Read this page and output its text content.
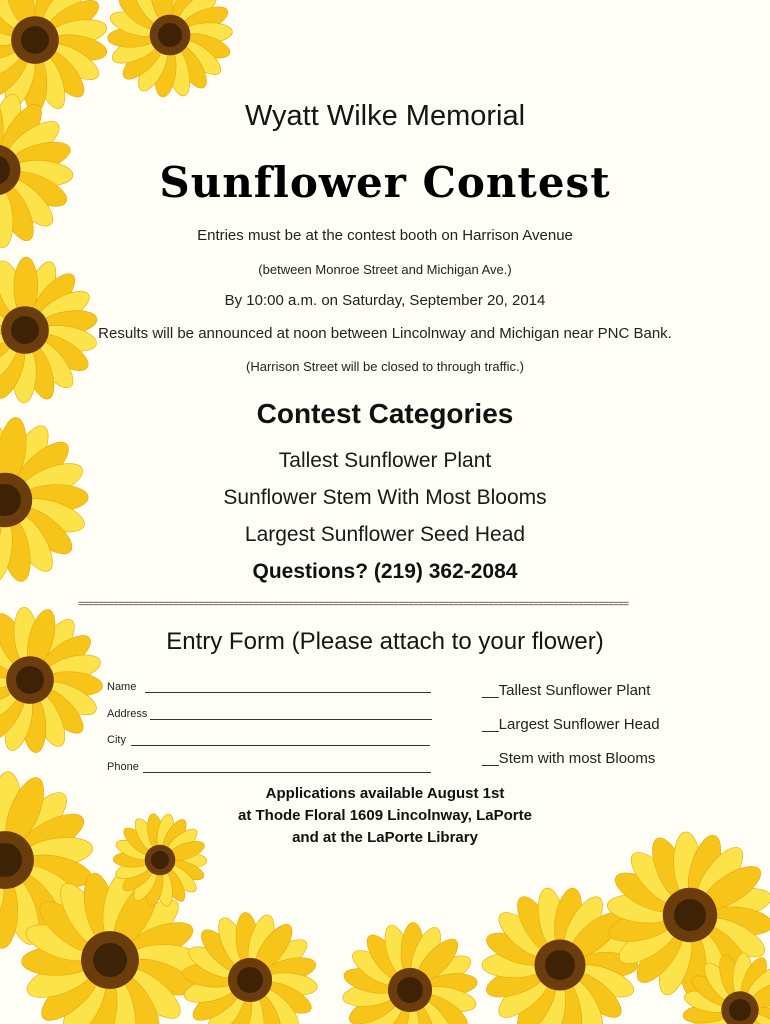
Wyatt Wilke Memorial
Sunflower Contest
Entries must be at the contest booth on Harrison Avenue
(between Monroe Street and Michigan Ave.)
By 10:00 a.m. on Saturday, September 20, 2014
Results will be announced at noon between Lincolnway and Michigan near PNC Bank.
(Harrison Street will be closed to through traffic.)
Contest Categories
Tallest Sunflower Plant
Sunflower Stem With Most Blooms
Largest Sunflower Seed Head
Questions? (219) 362-2084
==============================================================================================================
Entry Form (Please attach to your flower)
Name
Address
City
Phone
__Tallest Sunflower Plant
__Largest Sunflower Head
__Stem with most Blooms
Applications available August 1st
at Thode Floral 1609 Lincolnway, LaPorte
and at the LaPorte Library
